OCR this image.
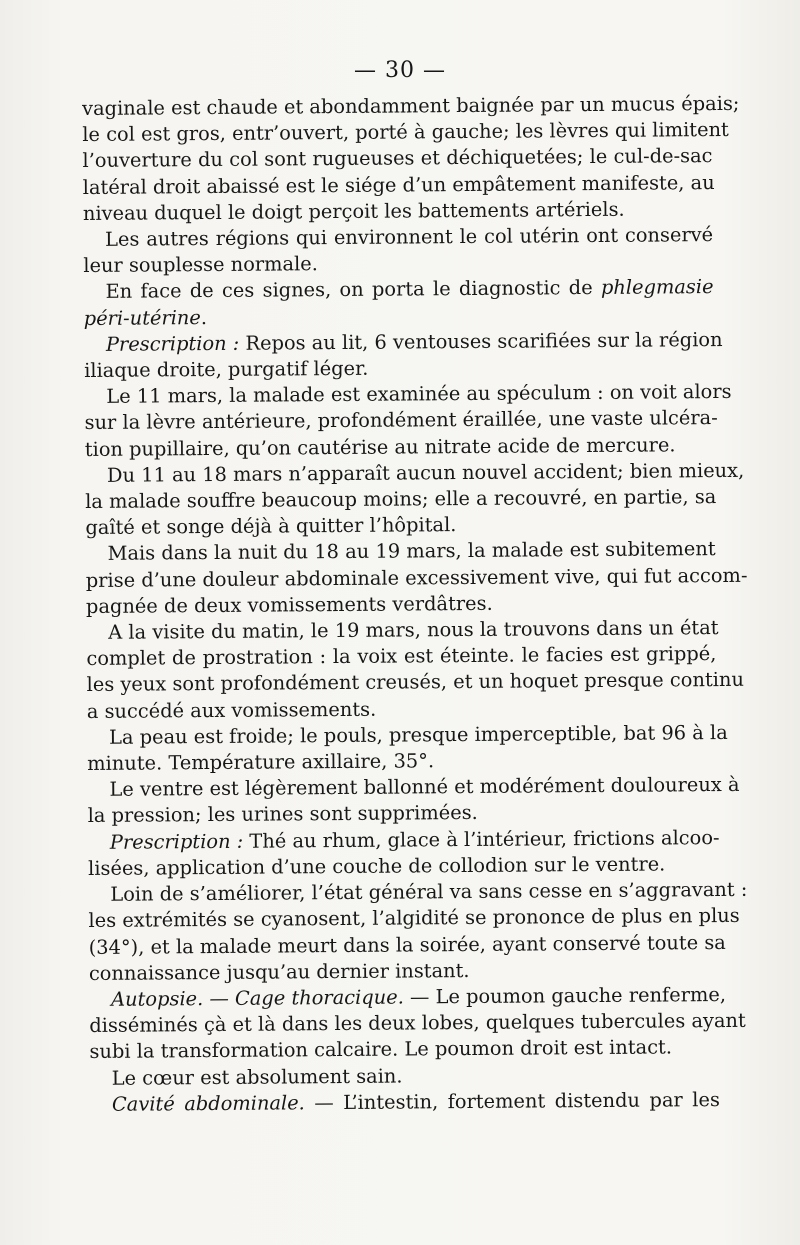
— 30 —
vaginale est chaude et abondamment baignée par un mucus épais;
le col est gros, entr’ouvert, porté à gauche; les lèvres qui limitent
l’ouverture du col sont rugueuses et déchiquetées; le cul-de-sac
latéral droit abaissé est le siége d’un empâtement manifeste, au
niveau duquel le doigt perçoit les battements artériels.
Les autres régions qui environnent le col utérin ont conservé
leur souplesse normale.
En face de ces signes, on porta le diagnostic de phlegmasie
péri-utérine.
Prescription : Repos au lit, 6 ventouses scarifiées sur la région
iliaque droite, purgatif léger.
Le 11 mars, la malade est examinée au spéculum : on voit alors
sur la lèvre antérieure, profondément éraillée, une vaste ulcéra-
tion pupillaire, qu’on cautérise au nitrate acide de mercure.
Du 11 au 18 mars n’apparaît aucun nouvel accident; bien mieux,
la malade souffre beaucoup moins; elle a recouvré, en partie, sa
gaîté et songe déjà à quitter l’hôpital.
Mais dans la nuit du 18 au 19 mars, la malade est subitement
prise d’une douleur abdominale excessivement vive, qui fut accom-
pagnée de deux vomissements verdâtres.
A la visite du matin, le 19 mars, nous la trouvons dans un état
complet de prostration : la voix est éteinte. le facies est grippé,
les yeux sont profondément creusés, et un hoquet presque continu
a succédé aux vomissements.
La peau est froide; le pouls, presque imperceptible, bat 96 à la
minute. Température axillaire, 35°.
Le ventre est légèrement ballonné et modérément douloureux à
la pression; les urines sont supprimées.
Prescription : Thé au rhum, glace à l’intérieur, frictions alcoo-
lisées, application d’une couche de collodion sur le ventre.
Loin de s’améliorer, l’état général va sans cesse en s’aggravant :
les extrémités se cyanosent, l’algidité se prononce de plus en plus
(34°), et la malade meurt dans la soirée, ayant conservé toute sa
connaissance jusqu’au dernier instant.
Autopsie. — Cage thoracique. — Le poumon gauche renferme,
disséminés çà et là dans les deux lobes, quelques tubercules ayant
subi la transformation calcaire. Le poumon droit est intact.
Le cœur est absolument sain.
Cavité abdominale. — L’intestin, fortement distendu par les
